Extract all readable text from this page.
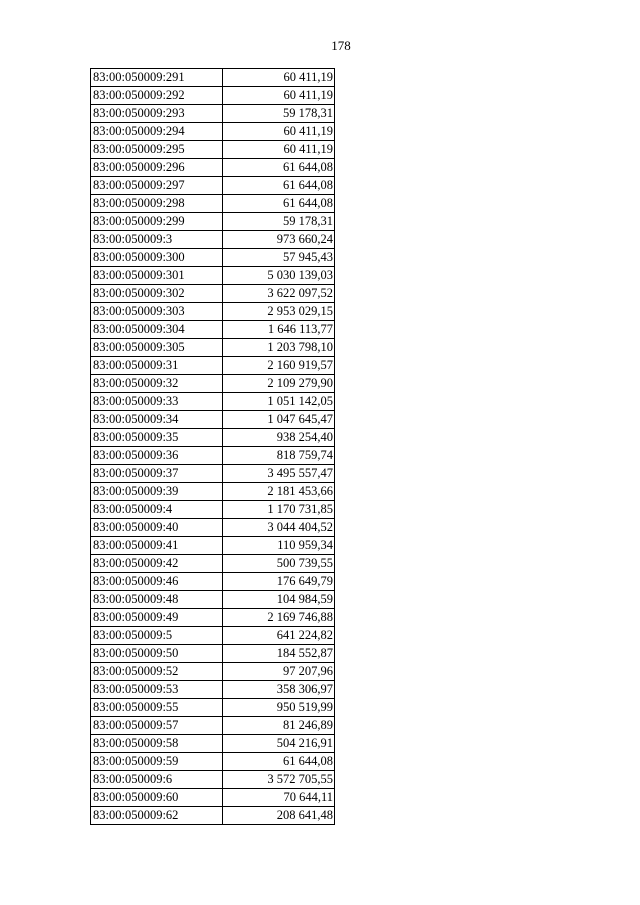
178
83:00:050009:291	60 411,19
83:00:050009:292	60 411,19
83:00:050009:293	59 178,31
83:00:050009:294	60 411,19
83:00:050009:295	60 411,19
83:00:050009:296	61 644,08
83:00:050009:297	61 644,08
83:00:050009:298	61 644,08
83:00:050009:299	59 178,31
83:00:050009:3	973 660,24
83:00:050009:300	57 945,43
83:00:050009:301	5 030 139,03
83:00:050009:302	3 622 097,52
83:00:050009:303	2 953 029,15
83:00:050009:304	1 646 113,77
83:00:050009:305	1 203 798,10
83:00:050009:31	2 160 919,57
83:00:050009:32	2 109 279,90
83:00:050009:33	1 051 142,05
83:00:050009:34	1 047 645,47
83:00:050009:35	938 254,40
83:00:050009:36	818 759,74
83:00:050009:37	3 495 557,47
83:00:050009:39	2 181 453,66
83:00:050009:4	1 170 731,85
83:00:050009:40	3 044 404,52
83:00:050009:41	110 959,34
83:00:050009:42	500 739,55
83:00:050009:46	176 649,79
83:00:050009:48	104 984,59
83:00:050009:49	2 169 746,88
83:00:050009:5	641 224,82
83:00:050009:50	184 552,87
83:00:050009:52	97 207,96
83:00:050009:53	358 306,97
83:00:050009:55	950 519,99
83:00:050009:57	81 246,89
83:00:050009:58	504 216,91
83:00:050009:59	61 644,08
83:00:050009:6	3 572 705,55
83:00:050009:60	70 644,11
83:00:050009:62	208 641,48
